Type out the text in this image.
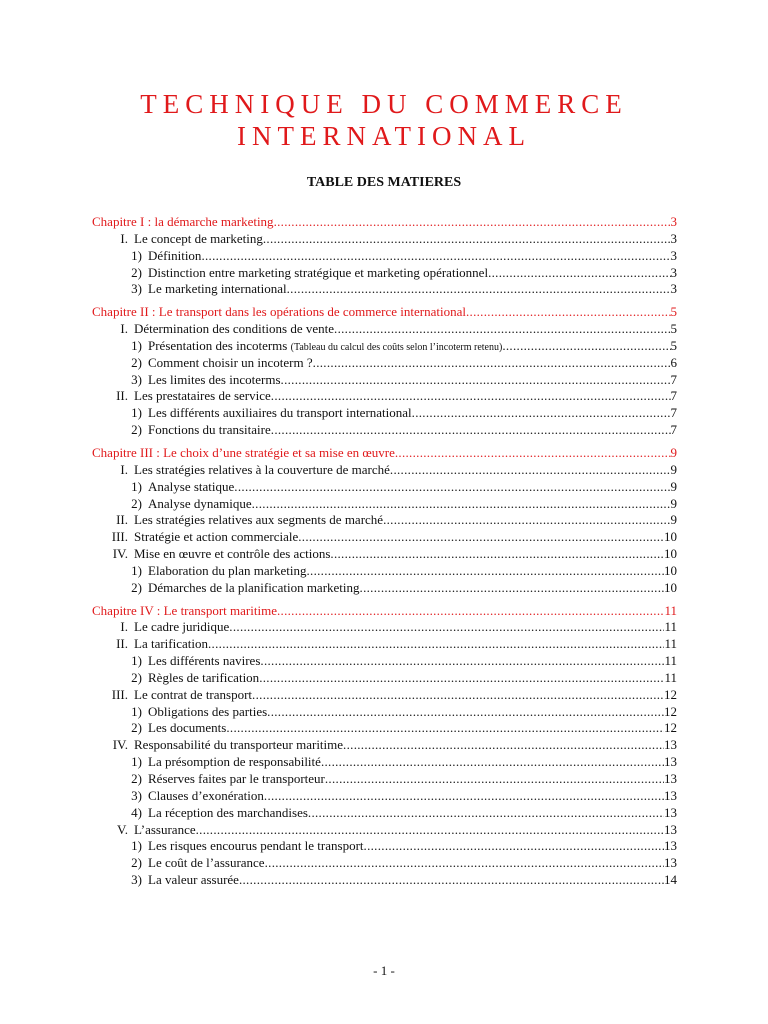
TECHNIQUE DU COMMERCE
INTERNATIONAL
TABLE DES MATIERES
Chapitre I : la démarche marketing .....	3
I. Le concept de marketing .....	3
1) Définition .....	3
2) Distinction entre marketing stratégique et marketing opérationnel .....	3
3) Le marketing international .....	3
Chapitre II : Le transport dans les opérations de commerce international .....	5
I. Détermination des conditions de vente .....	5
1) Présentation des incoterms (Tableau du calcul des coûts selon l’incoterm retenu) .....	5
2) Comment choisir un incoterm ? .....	6
3) Les limites des incoterms .....	7
II. Les prestataires de service .....	7
1) Les différents auxiliaires du transport international .....	7
2) Fonctions du transitaire .....	7
Chapitre III : Le choix d’une stratégie et sa mise en œuvre .....	9
I. Les stratégies relatives à la couverture de marché .....	9
1) Analyse statique .....	9
2) Analyse dynamique .....	9
II. Les stratégies relatives aux segments de marché .....	9
III. Stratégie et action commerciale .....	10
IV. Mise en œuvre et contrôle des actions .....	10
1) Elaboration du plan marketing .....	10
2) Démarches de la planification marketing .....	10
Chapitre IV : Le transport maritime .....	11
I. Le cadre juridique .....	11
II. La tarification .....	11
1) Les différents navires .....	11
2) Règles de tarification .....	11
III. Le contrat de transport .....	12
1) Obligations des parties .....	12
2) Les documents .....	12
IV. Responsabilité du transporteur maritime .....	13
1) La présomption de responsabilité .....	13
2) Réserves faites par le transporteur .....	13
3) Clauses d’exonération .....	13
4) La réception des marchandises .....	13
V. L’assurance .....	13
1) Les risques encourus pendant le transport .....	13
2) Le coût de l’assurance .....	13
3) La valeur assurée .....	14
- 1 -
